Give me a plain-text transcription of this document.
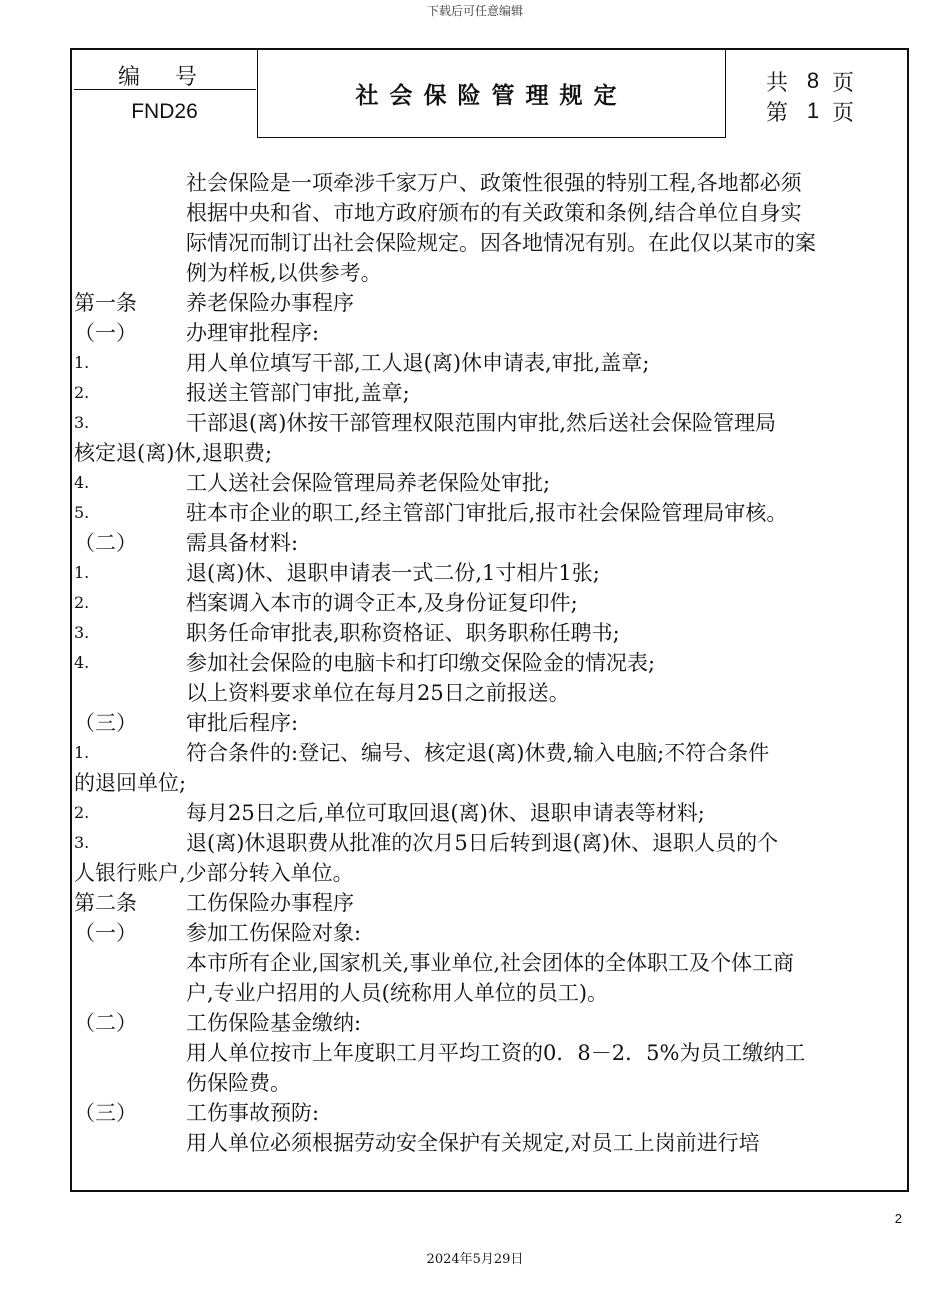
下载后可任意编辑
编 号
FND26
社会保险管理规定	共 8 页
第 1 页
社会保险是一项牵涉千家万户、政策性很强的特别工程,各地都必须
根据中央和省、市地方政府颁布的有关政策和条例,结合单位自身实
际情况而制订出社会保险规定。因各地情况有别。在此仅以某市的案
例为样板,以供参考。
第一条 养老保险办事程序
（一） 办理审批程序:
1.	用人单位填写干部,工人退(离)休申请表,审批,盖章;
2.	报送主管部门审批,盖章;
3.	干部退(离)休按干部管理权限范围内审批,然后送社会保险管理局
核定退(离)休,退职费;
4.	工人送社会保险管理局养老保险处审批;
5.	驻本市企业的职工,经主管部门审批后,报市社会保险管理局审核。
（二） 需具备材料:
1.	退(离)休、退职申请表一式二份,1寸相片1张;
2.	档案调入本市的调令正本,及身份证复印件;
3.	职务任命审批表,职称资格证、职务职称任聘书;
4.	参加社会保险的电脑卡和打印缴交保险金的情况表;
以上资料要求单位在每月25日之前报送。
（三） 审批后程序:
1.	符合条件的:登记、编号、核定退(离)休费,输入电脑;不符合条件
的退回单位;
2.	每月25日之后,单位可取回退(离)休、退职申请表等材料;
3.	退(离)休退职费从批准的次月5日后转到退(离)休、退职人员的个
人银行账户,少部分转入单位。
第二条 工伤保险办事程序
（一） 参加工伤保险对象:
本市所有企业,国家机关,事业单位,社会团体的全体职工及个体工商
户,专业户招用的人员(统称用人单位的员工)。
（二） 工伤保险基金缴纳:
用人单位按市上年度职工月平均工资的0．8－2．5%为员工缴纳工
伤保险费。
（三） 工伤事故预防:
用人单位必须根据劳动安全保护有关规定,对员工上岗前进行培
2
2024年5月29日
